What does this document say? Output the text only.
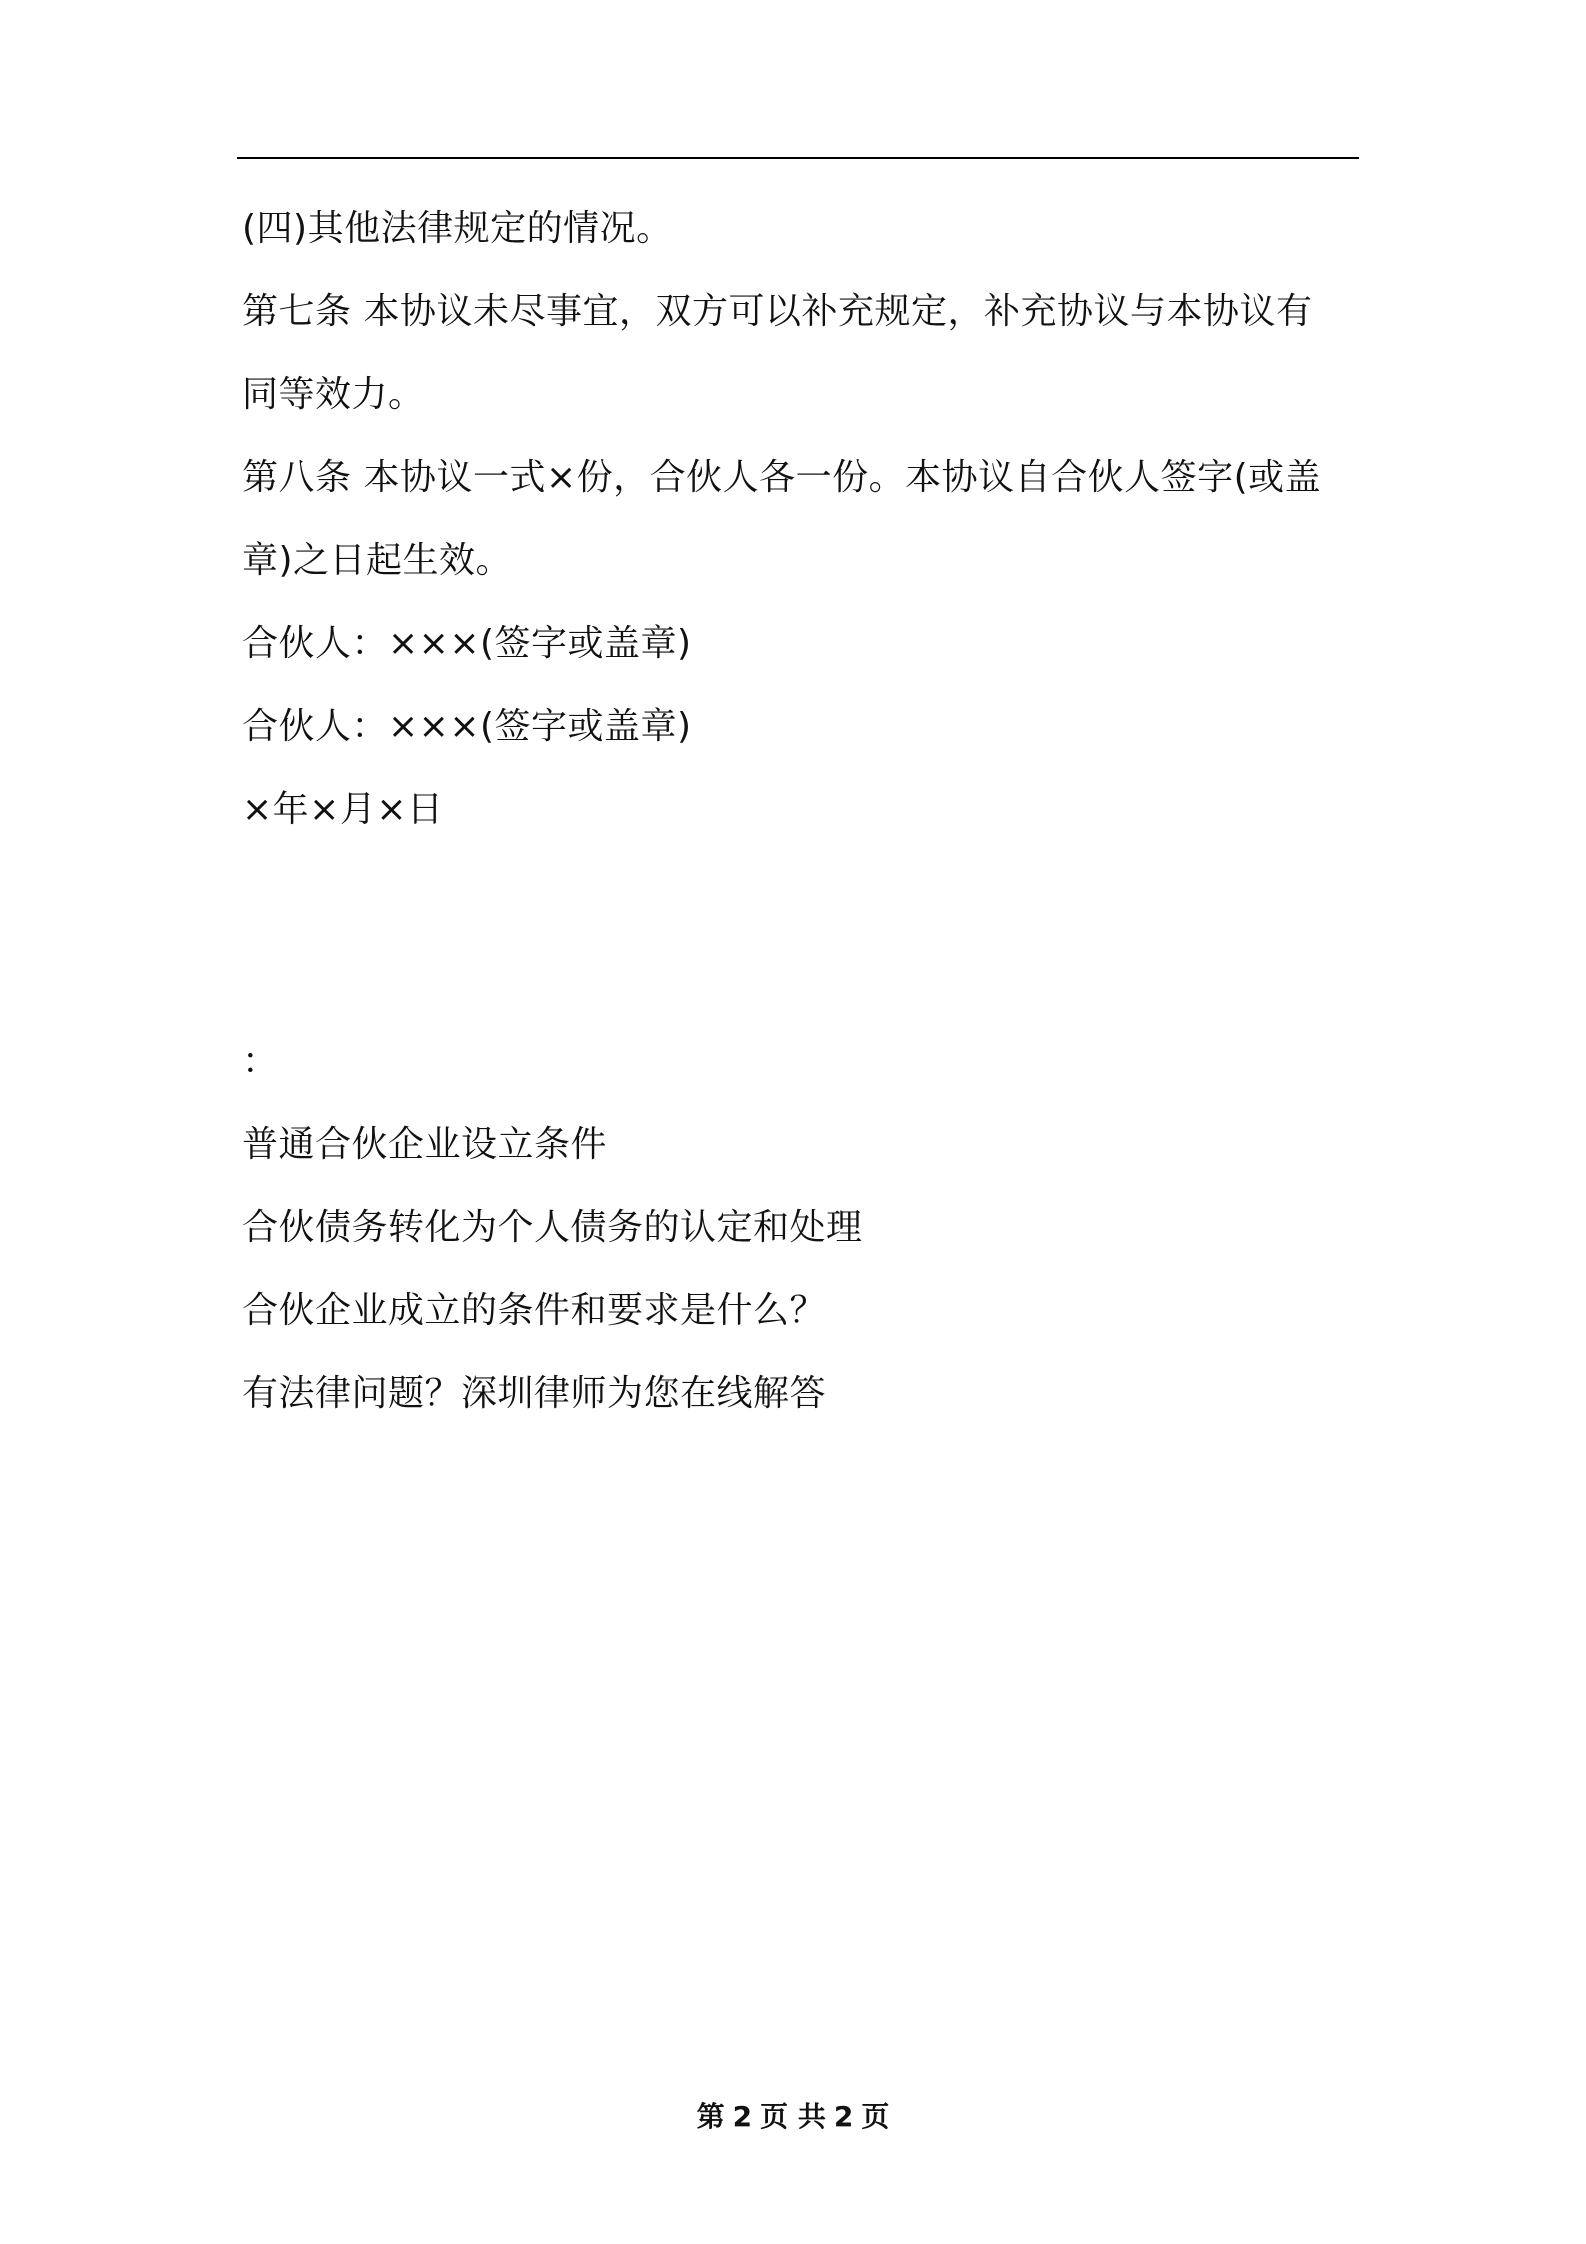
(四)其他法律规定的情况。
第七条 本协议未尽事宜，双方可以补充规定，补充协议与本协议有
同等效力。
第八条 本协议一式×份，合伙人各一份。本协议自合伙人签字(或盖
章)之日起生效。
合伙人：×××(签字或盖章)
合伙人：×××(签字或盖章)
×年×月×日
：
普通合伙企业设立条件
合伙债务转化为个人债务的认定和处理
合伙企业成立的条件和要求是什么？
有法律问题？深圳律师为您在线解答
第 2 页 共 2 页
